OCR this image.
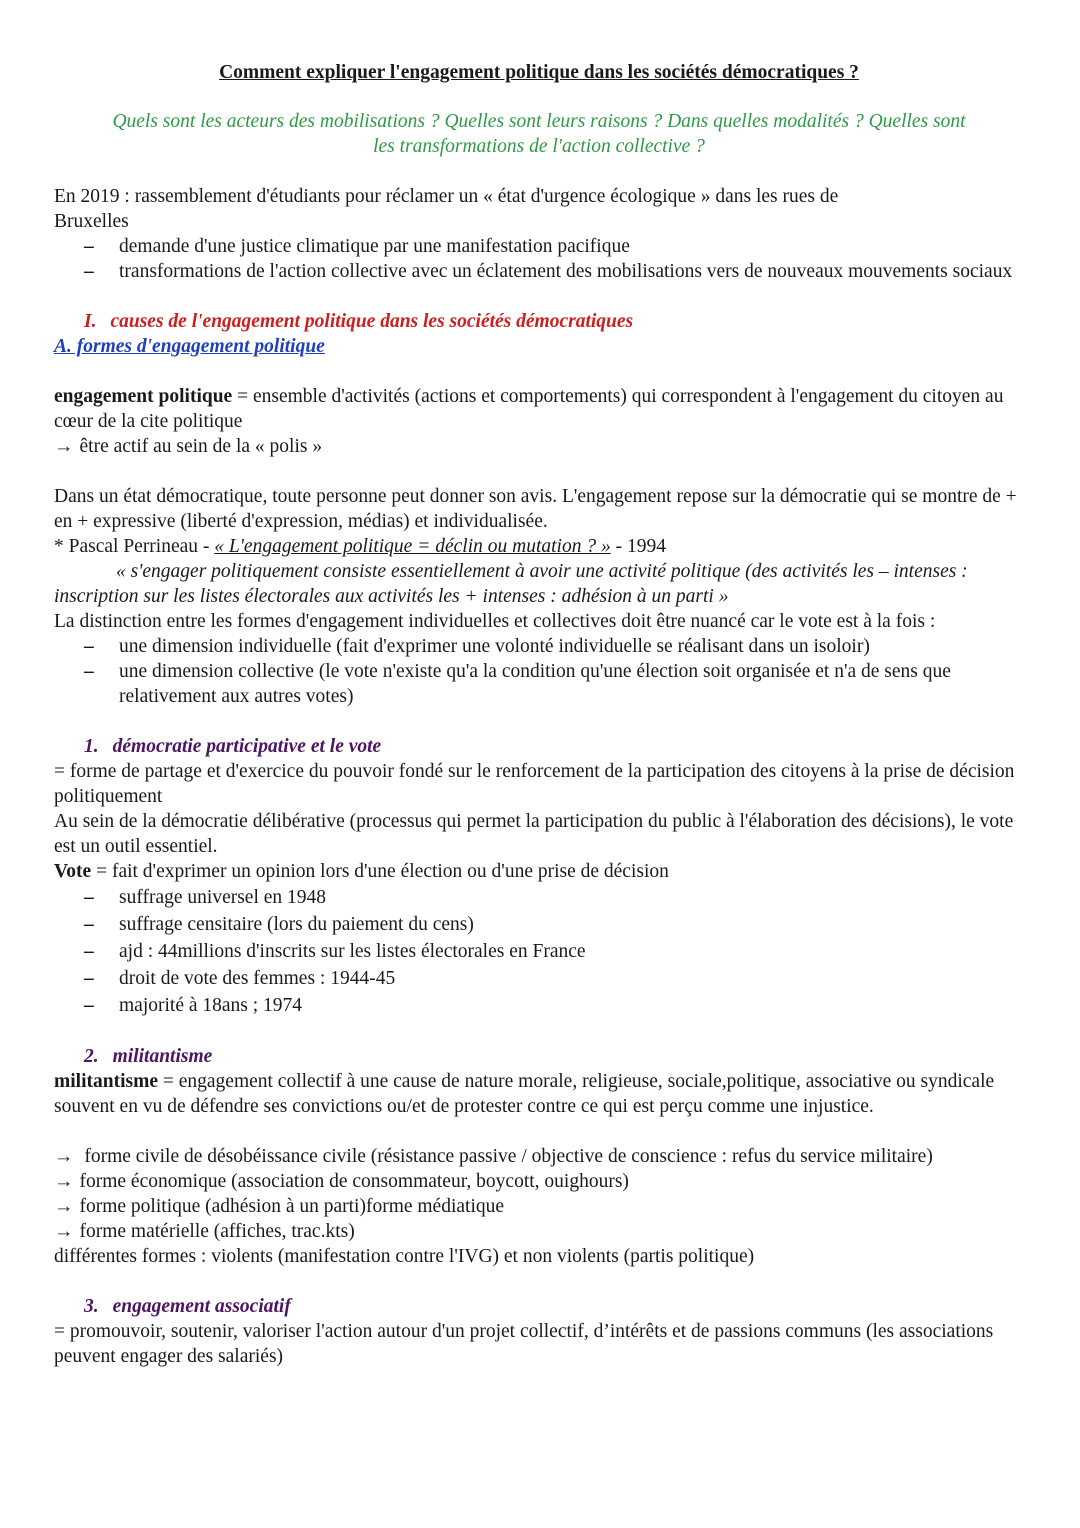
Comment expliquer l'engagement politique dans les sociétés démocratiques ?

Quels sont les acteurs des mobilisations ? Quelles sont leurs raisons ? Dans quelles modalités ? Quelles sont
les transformations de l'action collective ?

En 2019 : rassemblement d'étudiants pour réclamer un « état d'urgence écologique » dans les rues de

Bruxelles

– demande d'une justice climatique par une manifestation pacifique
– transformations de l'action collective avec un éclatement des mobilisations vers de nouveaux mouvements sociaux
I. causes de l'engagement politique dans les sociétés démocratiques
A. formes d'engagement politique

engagement politique = ensemble d'activités (actions et comportements) qui correspondent à l'engagement du citoyen au cœur de la cite politique

→ être actif au sein de la « polis »

Dans un état démocratique, toute personne peut donner son avis. L'engagement repose sur la démocratie qui se montre de + en + expressive (liberté d'expression, médias) et individualisée.

* Pascal Perrineau - « L'engagement politique = déclin ou mutation ? » - 1994

« s'engager politiquement consiste essentiellement à avoir une activité politique (des activités les – intenses : inscription sur les listes électorales aux activités les + intenses : adhésion à un parti »

La distinction entre les formes d'engagement individuelles et collectives doit être nuancé car le vote est à la fois :

– une dimension individuelle (fait d'exprimer une volonté individuelle se réalisant dans un isoloir)
– une dimension collective (le vote n'existe qu'a la condition qu'une élection soit organisée et n'a de sens que relativement aux autres votes)
1. démocratie participative et le vote

= forme de partage et d'exercice du pouvoir fondé sur le renforcement de la participation des citoyens à la prise de décision politiquement

Au sein de la démocratie délibérative (processus qui permet la participation du public à l'élaboration des décisions), le vote est un outil essentiel.

Vote = fait d'exprimer un opinion lors d'une élection ou d'une prise de décision

– suffrage universel en 1948
– suffrage censitaire (lors du paiement du cens)
– ajd : 44millions d'inscrits sur les listes électorales en France
– droit de vote des femmes : 1944-45
– majorité à 18ans ; 1974
2. militantisme

militantisme = engagement collectif à une cause de nature morale, religieuse, sociale,politique, associative ou syndicale souvent en vu de défendre ses convictions ou/et de protester contre ce qui est perçu comme une injustice.

→ forme civile de désobéissance civile (résistance passive / objective de conscience : refus du service militaire)

→ forme économique (association de consommateur, boycott, ouighours)

→ forme politique (adhésion à un parti)forme médiatique

→ forme matérielle (affiches, trac.kts)

différentes formes : violents (manifestation contre l'IVG) et non violents (partis politique)

3. engagement associatif

= promouvoir, soutenir, valoriser l'action autour d'un projet collectif, d’intérêts et de passions communs (les associations peuvent engager des salariés)
